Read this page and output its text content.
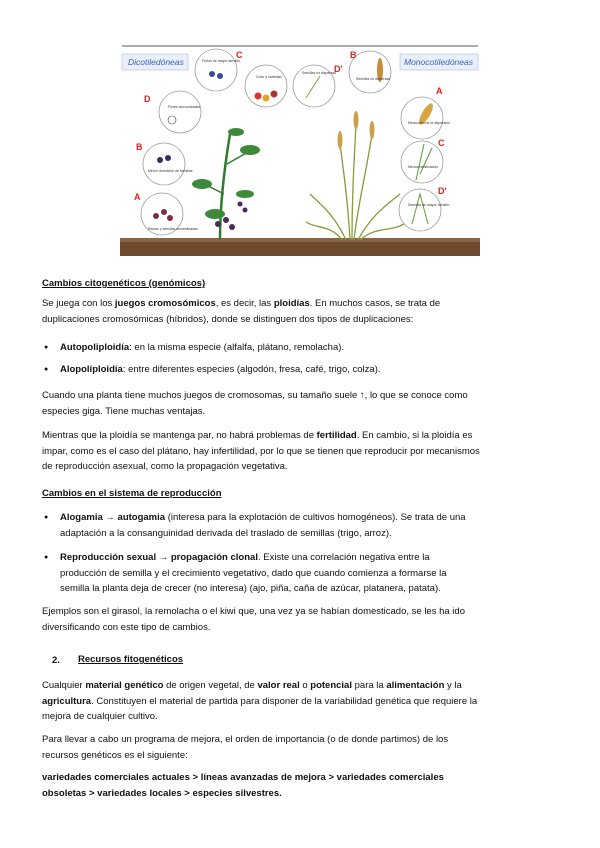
Dicotiledóneas	Monocotiledóneas
Raíces y semillas domesticadas
A
Menor dormición de semillas
B
Flores sincronizadas
D
Frutos de mayor tamaño
C
Color y variedad
Semillas no dispersas
D'
Semillas no dispersas
B
Reducción de la dispersión
A
Menos ramificación
C
Semillas de mayor tamaño
D'

Cambios citogenéticos (genómicos)

Se juega con los juegos cromosómicos, es decir, las ploidías. En muchos casos, se trata de

duplicaciones cromosómicas (híbridos), donde se distinguen dos tipos de duplicaciones:

● Autopoliploidía: en la misma especie (alfalfa, plátano, remolacha).
● Alopoliploidía: entre diferentes especies (algodón, fresa, café, trigo, colza).

Cuando una planta tiene muchos juegos de cromosomas, su tamaño suele ↑, lo que se conoce como

especies giga. Tiene muchas ventajas.

Mientras que la ploidía se mantenga par, no habrá problemas de fertilidad. En cambio, si la ploidía es

impar, como es el caso del plátano, hay infertilidad, por lo que se tienen que reproducir por mecanismos

de reproducción asexual, como la propagación vegetativa.

Cambios en el sistema de reproducción

● Alogamia → autogamia (interesa para la explotación de cultivos homogéneos). Se trata de una
adaptación a la consanguinidad derivada del traslado de semillas (trigo, arroz).
● Reproducción sexual → propagación clonal. Existe una correlación negativa entre la
producción de semilla y el crecimiento vegetativo, dado que cuando comienza a formarse la
semilla la planta deja de crecer (no interesa) (ajo, piña, caña de azúcar, platanera, patata).

Ejemplos son el girasol, la remolacha o el kiwi que, una vez ya se habían domesticado, se les ha ido

diversificando con este tipo de cambios.

2. Recursos fitogenéticos

Cualquier material genético de origen vegetal, de valor real o potencial para la alimentación y la

agricultura. Constituyen el material de partida para disponer de la variabilidad genética que requiere la

mejora de cualquier cultivo.

Para llevar a cabo un programa de mejora, el orden de importancia (o de donde partimos) de los

recursos genéticos es el siguiente:

variedades comerciales actuales > líneas avanzadas de mejora > variedades comerciales

obsoletas > variedades locales > especies silvestres.
